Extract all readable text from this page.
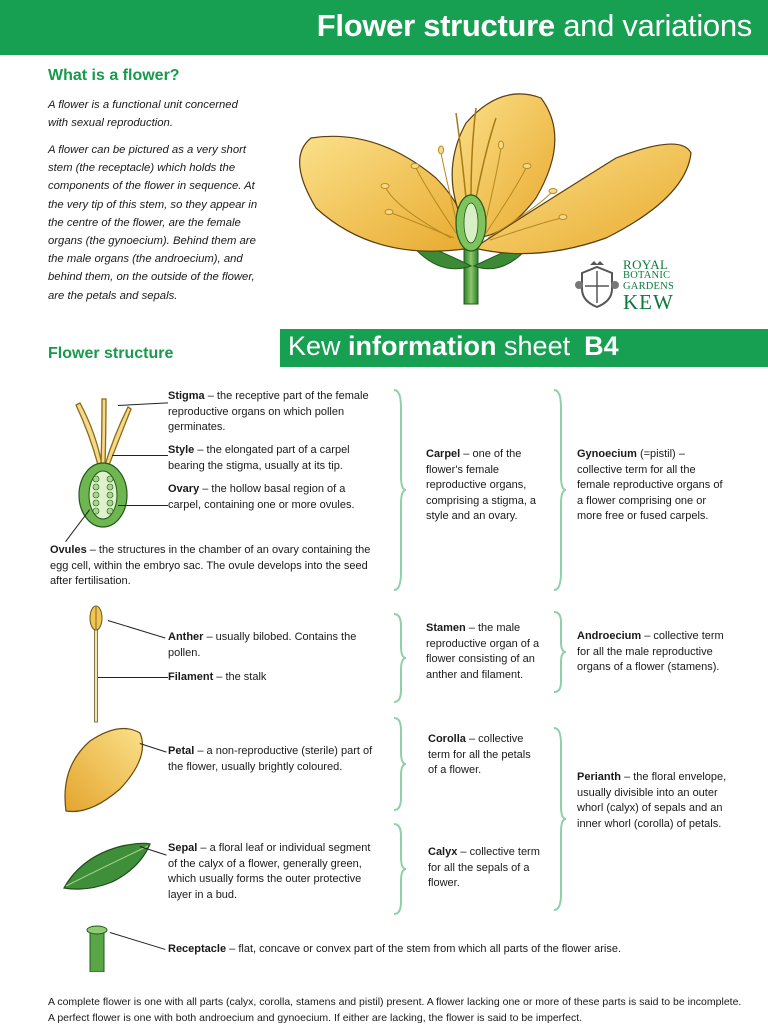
Flower structure and variations
What is a flower?

A flower is a functional unit concerned with sexual reproduction.

A flower can be pictured as a very short stem (the receptacle) which holds the components of the flower in sequence. At the very tip of this stem, so they appear in the centre of the flower, are the female organs (the gynoecium). Behind them are the male organs (the androecium), and behind them, on the outside of the flower, are the petals and sepals.

ROYAL
BOTANIC
GARDENS
KEW
Kew information sheet B4
Flower structure
Stigma – the receptive part of the female reproductive organs on which pollen germinates.
Style – the elongated part of a carpel bearing the stigma, usually at its tip.
Ovary – the hollow basal region of a carpel, containing one or more ovules.
Ovules – the structures in the chamber of an ovary containing the egg cell, within the embryo sac. The ovule develops into the seed after fertilisation.
Anther – usually bilobed. Contains the pollen.
Filament – the stalk
Petal – a non-reproductive (sterile) part of the flower, usually brightly coloured.
Sepal – a floral leaf or individual segment of the calyx of a flower, generally green, which usually forms the outer protective layer in a bud.
Receptacle – flat, concave or convex part of the stem from which all parts of the flower arise.
Carpel – one of the flower's female reproductive organs, comprising a stigma, a style and an ovary.
Stamen – the male reproductive organ of a flower consisting of an anther and filament.
Corolla – collective term for all the petals of a flower.
Calyx – collective term for all the sepals of a flower.
Gynoecium (=pistil) – collective term for all the female reproductive organs of a flower comprising one or more free or fused carpels.
Androecium – collective term for all the male reproductive organs of a flower (stamens).
Perianth – the floral envelope, usually divisible into an outer whorl (calyx) of sepals and an inner whorl (corolla) of petals.
A complete flower is one with all parts (calyx, corolla, stamens and pistil) present. A flower lacking one or more of these parts is said to be incomplete. A perfect flower is one with both androecium and gynoecium. If either are lacking, the flower is said to be imperfect.
